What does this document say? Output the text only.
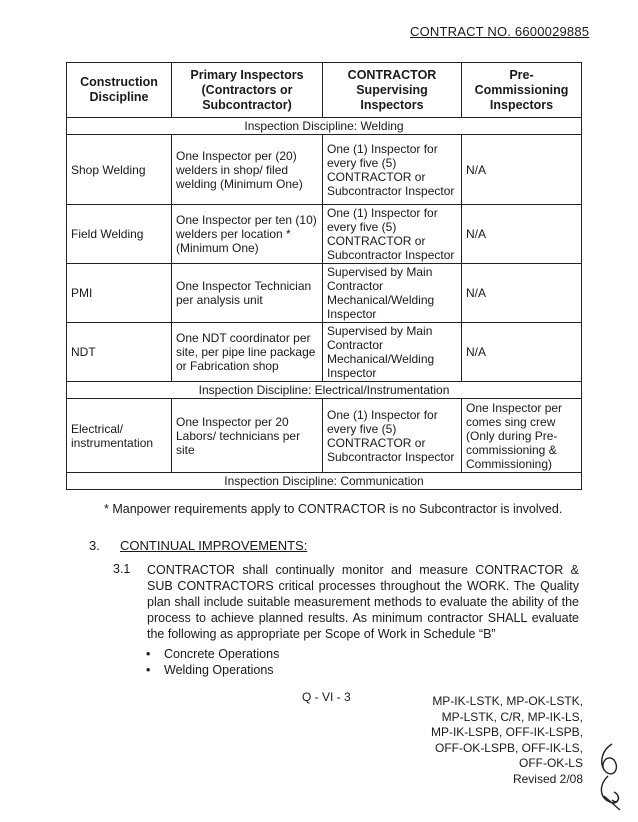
CONTRACT NO. 6600029885
Construction Discipline	Primary Inspectors (Contractors or Subcontractor)	CONTRACTOR Supervising Inspectors	Pre-Commissioning Inspectors
Inspection Discipline: Welding			
Shop Welding	One Inspector per (20) welders in shop/ filed welding (Minimum One)	One (1) Inspector for every five (5) CONTRACTOR or Subcontractor Inspector	N/A
Field Welding	One Inspector per ten (10) welders per location * (Minimum One)	One (1) Inspector for every five (5) CONTRACTOR or Subcontractor Inspector	N/A
PMI	One Inspector Technician per analysis unit	Supervised by Main Contractor Mechanical/Welding Inspector	N/A
NDT	One NDT coordinator per site, per pipe line package or Fabrication shop	Supervised by Main Contractor Mechanical/Welding Inspector	N/A
Inspection Discipline: Electrical/Instrumentation			
Electrical/ instrumentation	One Inspector per 20 Labors/ technicians per site	One (1) Inspector for every five (5) CONTRACTOR or Subcontractor Inspector	One Inspector per comes sing crew (Only during Pre-commissioning & Commissioning)
Inspection Discipline: Communication			
* Manpower requirements apply to CONTRACTOR is no Subcontractor is involved.
3. CONTINUAL IMPROVEMENTS:
3.1 CONTRACTOR shall continually monitor and measure CONTRACTOR & SUB CONTRACTORS critical processes throughout the WORK. The Quality plan shall include suitable measurement methods to evaluate the ability of the process to achieve planned results. As minimum contractor SHALL evaluate the following as appropriate per Scope of Work in Schedule “B”
• Concrete Operations
• Welding Operations
Q - VI - 3	MP-IK-LSTK, MP-OK-LSTK,
MP-LSTK, C/R, MP-IK-LS,
MP-IK-LSPB, OFF-IK-LSPB,
OFF-OK-LSPB, OFF-IK-LS,
OFF-OK-LS
Revised 2/08
